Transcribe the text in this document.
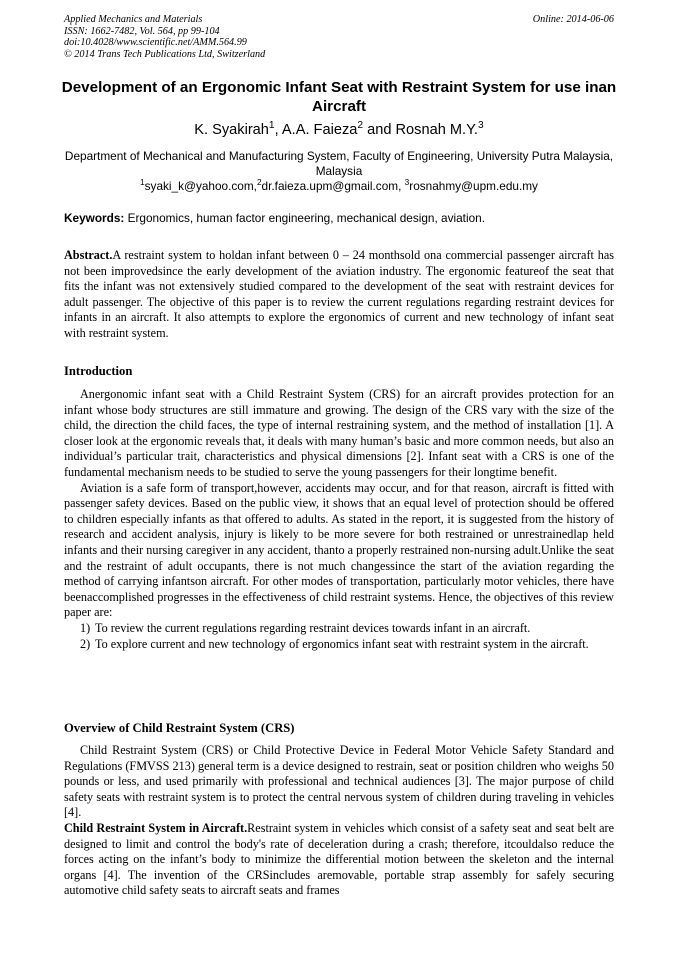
Applied Mechanics and Materials
ISSN: 1662-7482, Vol. 564, pp 99-104
doi:10.4028/www.scientific.net/AMM.564.99
© 2014 Trans Tech Publications Ltd, Switzerland
Online: 2014-06-06
Development of an Ergonomic Infant Seat with Restraint System for use inan Aircraft
K. Syakirah$^1$, A.A. Faieza$^2$ and Rosnah M.Y.$^3$
Department of Mechanical and Manufacturing System, Faculty of Engineering, University Putra Malaysia, Malaysia
$^1$syaki_k@yahoo.com,$^2$dr.faieza.upm@gmail.com, $^3$rosnahmy@upm.edu.my
Keywords: Ergonomics, human factor engineering, mechanical design, aviation.

Abstract.A restraint system to holdan infant between 0 – 24 monthsold ona commercial passenger aircraft has not been improvedsince the early development of the aviation industry. The ergonomic featureof the seat that fits the infant was not extensively studied compared to the development of the seat with restraint devices for adult passenger. The objective of this paper is to review the current regulations regarding restraint devices for infants in an aircraft. It also attempts to explore the ergonomics of current and new technology of infant seat with restraint system.

Introduction

Anergonomic infant seat with a Child Restraint System (CRS) for an aircraft provides protection for an infant whose body structures are still immature and growing. The design of the CRS vary with the size of the child, the direction the child faces, the type of internal restraining system, and the method of installation [1]. A closer look at the ergonomic reveals that, it deals with many human’s basic and more common needs, but also an individual’s particular trait, characteristics and physical dimensions [2]. Infant seat with a CRS is one of the fundamental mechanism needs to be studied to serve the young passengers for their longtime benefit.

Aviation is a safe form of transport,however, accidents may occur, and for that reason, aircraft is fitted with passenger safety devices. Based on the public view, it shows that an equal level of protection should be offered to children especially infants as that offered to adults. As stated in the report, it is suggested from the history of research and accident analysis, injury is likely to be more severe for both restrained or unrestrainedlap held infants and their nursing caregiver in any accident, thanto a properly restrained non-nursing adult.Unlike the seat and the restraint of adult occupants, there is not much changessince the start of the aviation regarding the method of carrying infantson aircraft. For other modes of transportation, particularly motor vehicles, there have beenaccomplished progresses in the effectiveness of child restraint systems. Hence, the objectives of this review paper are:

1) To review the current regulations regarding restraint devices towards infant in an aircraft.
2) To explore current and new technology of ergonomics infant seat with restraint system in the aircraft.
Overview of Child Restraint System (CRS)

Child Restraint System (CRS) or Child Protective Device in Federal Motor Vehicle Safety Standard and Regulations (FMVSS 213) general term is a device designed to restrain, seat or position children who weighs 50 pounds or less, and used primarily with professional and technical audiences [3]. The major purpose of child safety seats with restraint system is to protect the central nervous system of children during traveling in vehicles [4].

Child Restraint System in Aircraft.Restraint system in vehicles which consist of a safety seat and seat belt are designed to limit and control the body's rate of deceleration during a crash; therefore, itcouldalso reduce the forces acting on the infant’s body to minimize the differential motion between the skeleton and the internal organs [4]. The invention of the CRSincludes aremovable, portable strap assembly for safely securing automotive child safety seats to aircraft seats and frames
